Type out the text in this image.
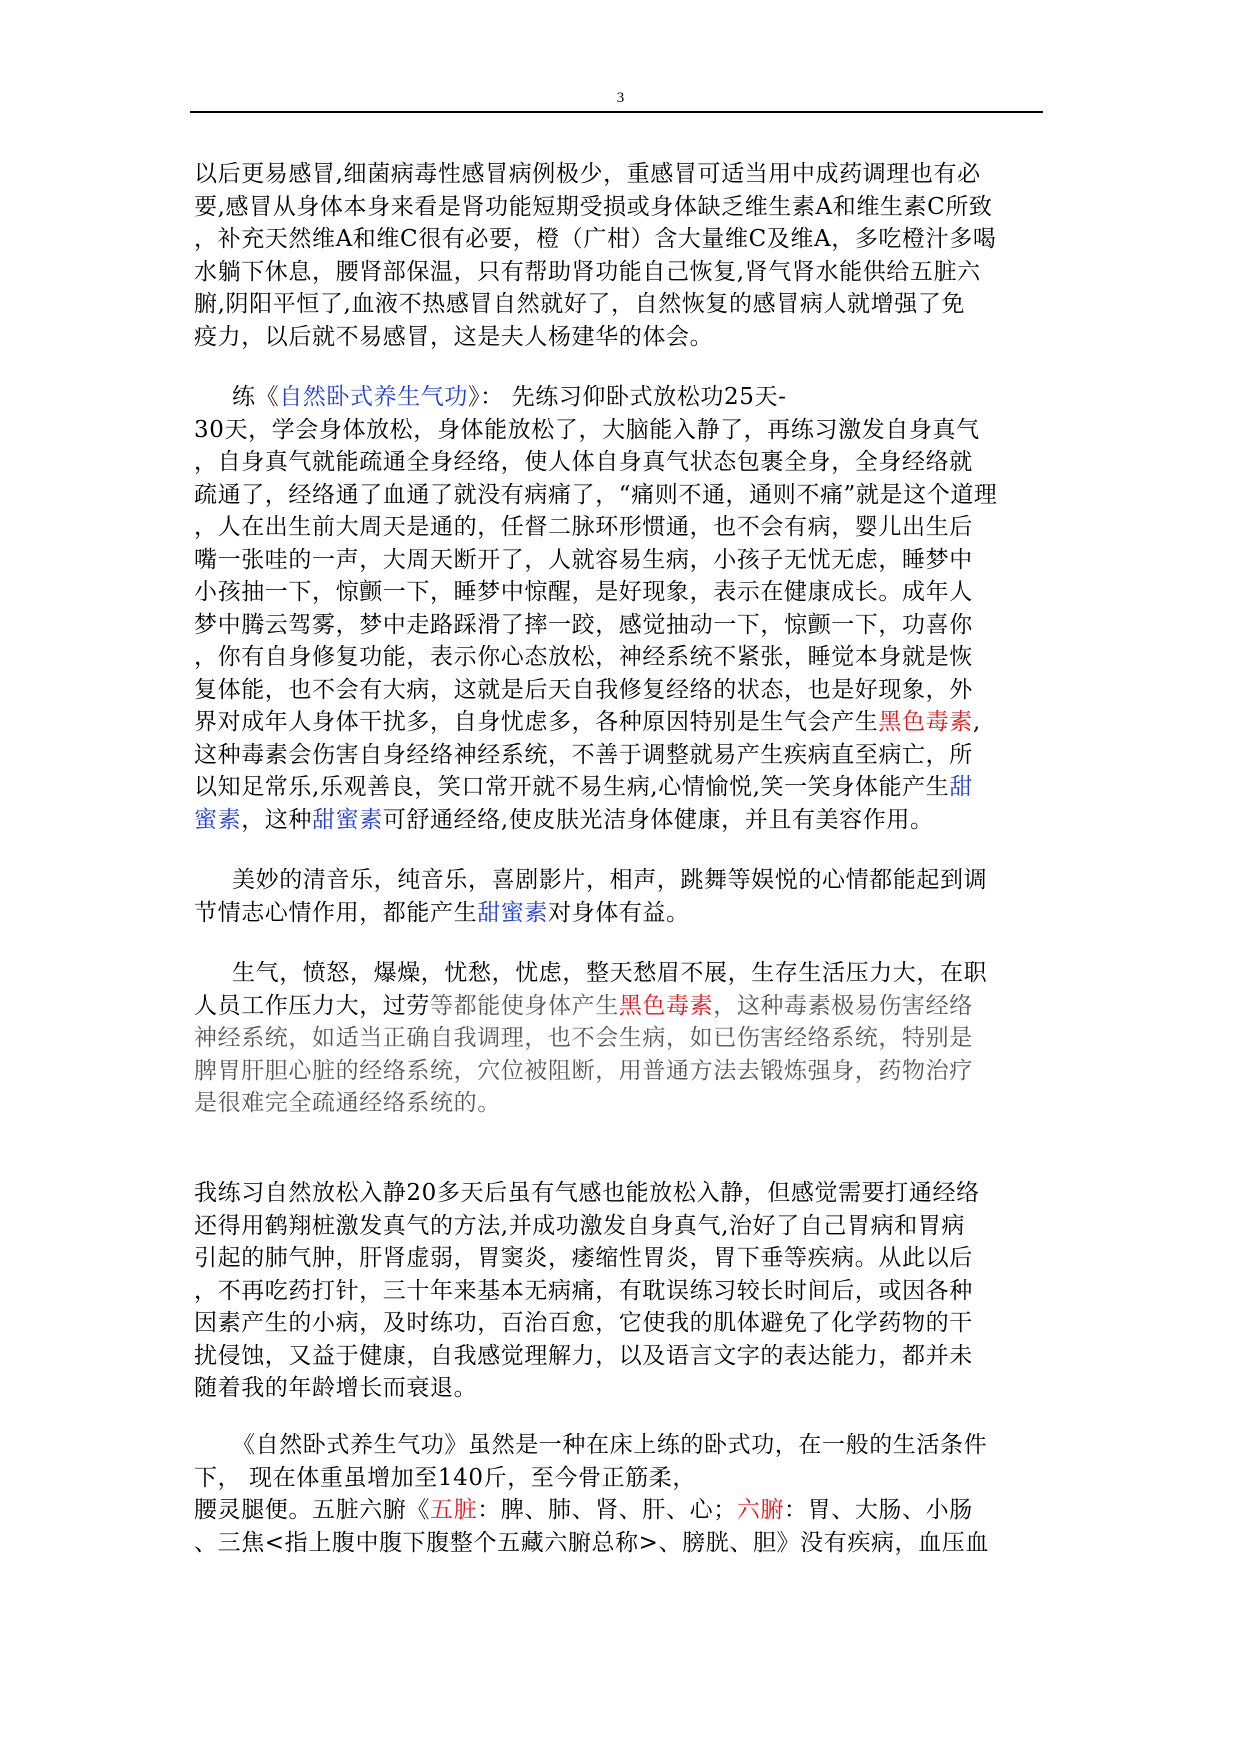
3
以后更易感冒,细菌病毒性感冒病例极少，重感冒可适当用中成药调理也有必
要,感冒从身体本身来看是肾功能短期受损或身体缺乏维生素A和维生素C所致
，补充天然维A和维C很有必要，橙（广柑）含大量维C及维A，多吃橙汁多喝
水躺下休息，腰肾部保温，只有帮助肾功能自己恢复,肾气肾水能供给五脏六
腑,阴阳平恒了,血液不热感冒自然就好了，自然恢复的感冒病人就增强了免
疫力，以后就不易感冒，这是夫人杨建华的体会。
练《自然卧式养生气功》： 先练习仰卧式放松功25天-
30天，学会身体放松，身体能放松了，大脑能入静了，再练习激发自身真气
，自身真气就能疏通全身经络，使人体自身真气状态包裹全身，全身经络就
疏通了，经络通了血通了就没有病痛了，“痛则不通，通则不痛”就是这个道理
，人在出生前大周天是通的，任督二脉环形惯通，也不会有病，婴儿出生后
嘴一张哇的一声，大周天断开了，人就容易生病，小孩子无忧无虑，睡梦中
小孩抽一下，惊颤一下，睡梦中惊醒，是好现象，表示在健康成长。成年人
梦中腾云驾雾，梦中走路踩滑了摔一跤，感觉抽动一下，惊颤一下，功喜你
，你有自身修复功能，表示你心态放松，神经系统不紧张，睡觉本身就是恢
复体能，也不会有大病，这就是后天自我修复经络的状态，也是好现象，外
界对成年人身体干扰多，自身忧虑多，各种原因特别是生气会产生黑色毒素,
这种毒素会伤害自身经络神经系统，不善于调整就易产生疾病直至病亡，所
以知足常乐,乐观善良，笑口常开就不易生病,心情愉悦,笑一笑身体能产生甜
蜜素，这种甜蜜素可舒通经络,使皮肤光洁身体健康，并且有美容作用。
美妙的清音乐，纯音乐，喜剧影片，相声，跳舞等娱悦的心情都能起到调
节情志心情作用，都能产生甜蜜素对身体有益。
生气，愤怒，爆燥，忧愁，忧虑，整天愁眉不展，生存生活压力大，在职
人员工作压力大，过劳等都能使身体产生黑色毒素，这种毒素极易伤害经络
神经系统，如适当正确自我调理，也不会生病，如已伤害经络系统，特别是
脾胃肝胆心脏的经络系统，穴位被阻断，用普通方法去锻炼强身，药物治疗
是很难完全疏通经络系统的。
我练习自然放松入静20多天后虽有气感也能放松入静，但感觉需要打通经络
还得用鹤翔桩激发真气的方法,并成功激发自身真气,治好了自己胃病和胃病
引起的肺气肿，肝肾虚弱，胃窦炎，痿缩性胃炎，胃下垂等疾病。从此以后
，不再吃药打针，三十年来基本无病痛，有耽误练习较长时间后，或因各种
因素产生的小病，及时练功，百治百愈，它使我的肌体避免了化学药物的干
扰侵蚀，又益于健康，自我感觉理解力，以及语言文字的表达能力，都并未
随着我的年龄增长而衰退。
《自然卧式养生气功》虽然是一种在床上练的卧式功，在一般的生活条件
下， 现在体重虽增加至140斤，至今骨正筋柔，
腰灵腿便。五脏六腑《五脏：脾、肺、肾、肝、心；六腑：胃、大肠、小肠
、三焦<指上腹中腹下腹整个五藏六腑总称>、膀胱、胆》没有疾病，血压血
